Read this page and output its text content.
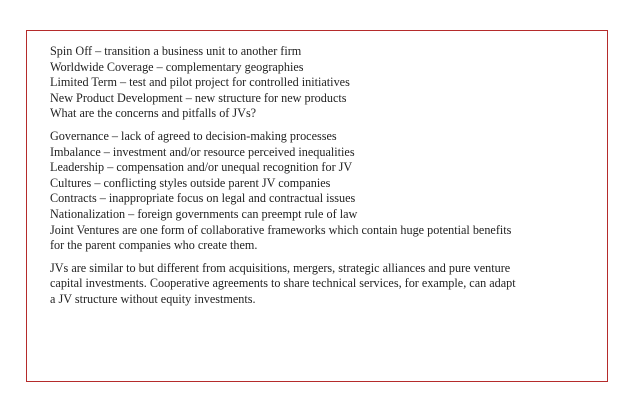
Spin Off – transition a business unit to another firm
Worldwide Coverage – complementary geographies
Limited Term – test and pilot project for controlled initiatives
New Product Development – new structure for new products
What are the concerns and pitfalls of JVs?
Governance – lack of agreed to decision-making processes
Imbalance – investment and/or resource perceived inequalities
Leadership – compensation and/or unequal recognition for JV
Cultures – conflicting styles outside parent JV companies
Contracts – inappropriate focus on legal and contractual issues
Nationalization – foreign governments can preempt rule of law
Joint Ventures are one form of collaborative frameworks which contain huge potential benefits for the parent companies who create them.
JVs are similar to but different from acquisitions, mergers, strategic alliances and pure venture capital investments. Cooperative agreements to share technical services, for example, can adapt a JV structure without equity investments.
